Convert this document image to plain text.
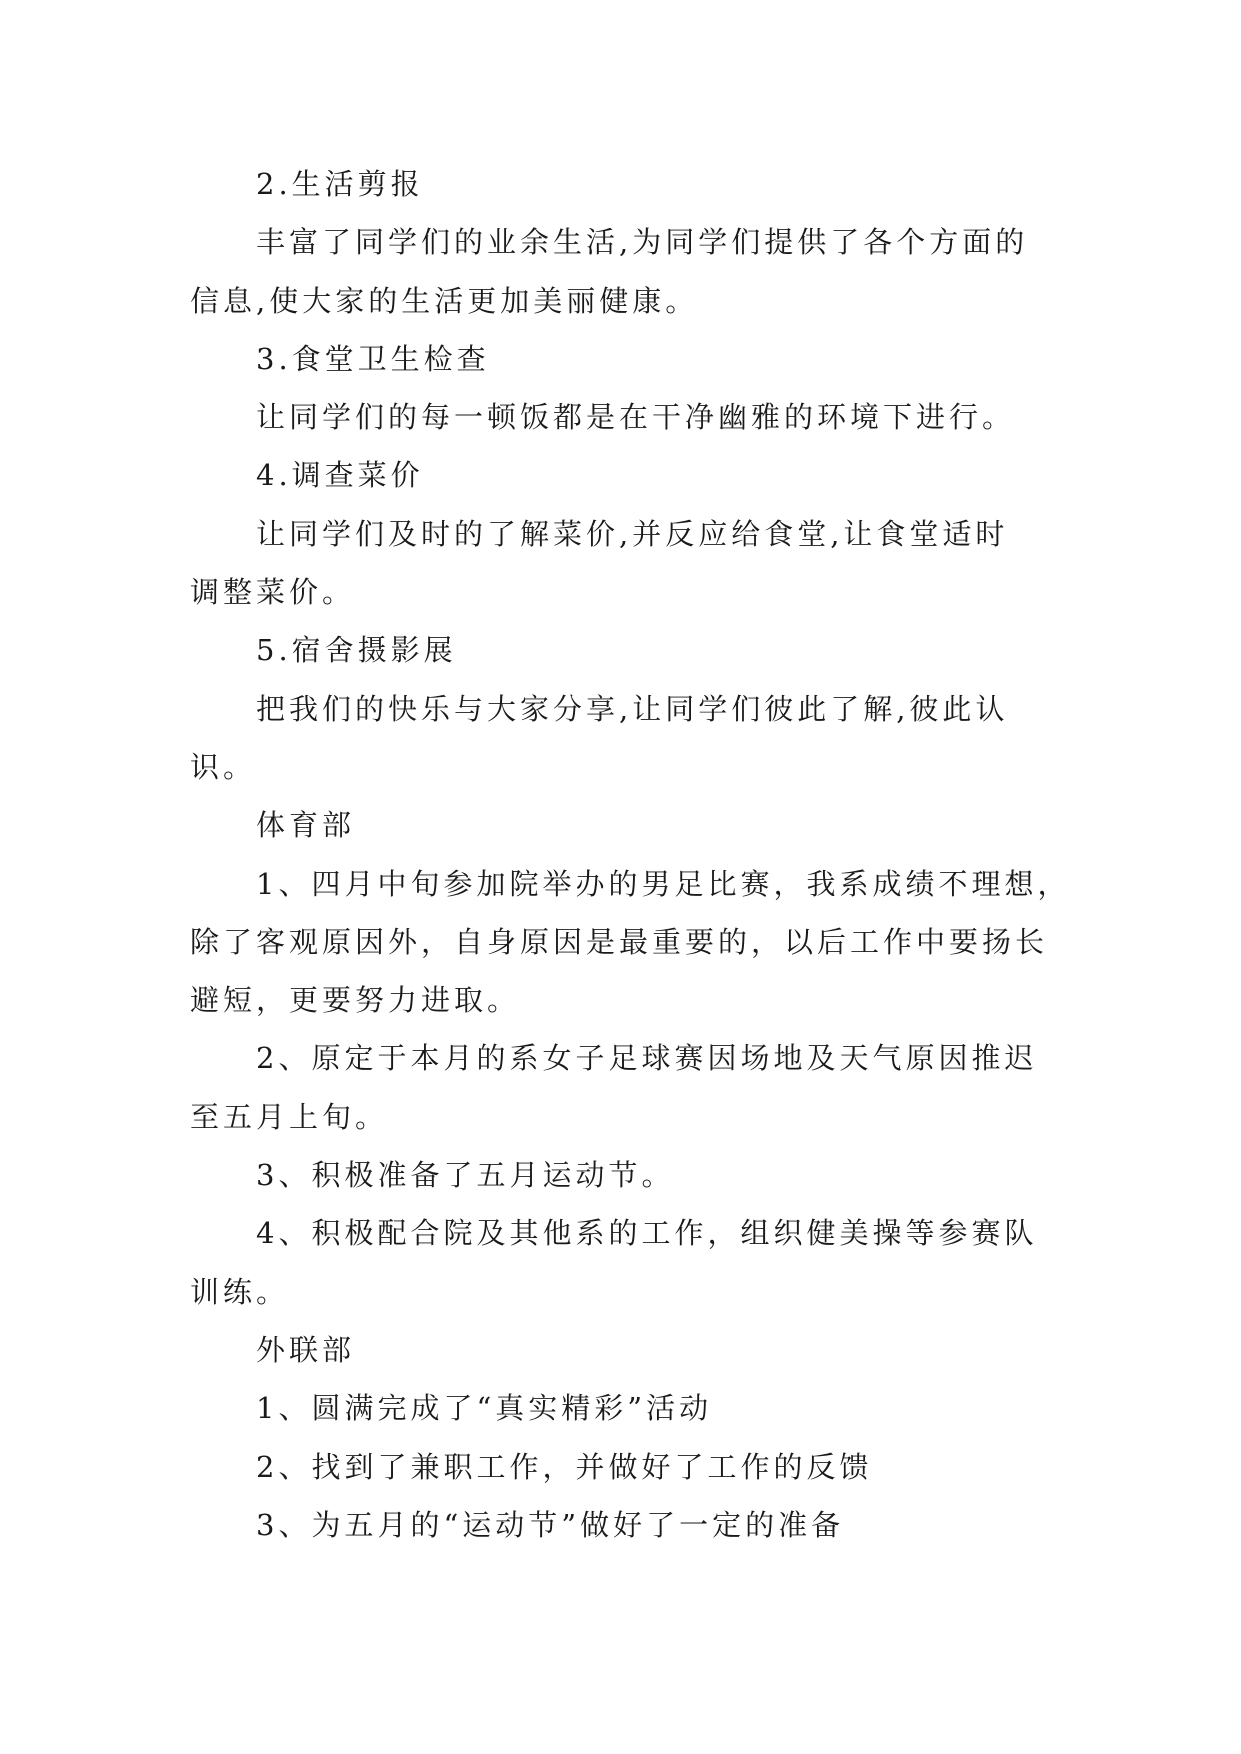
2.生活剪报
丰富了同学们的业余生活,为同学们提供了各个方面的
信息,使大家的生活更加美丽健康。
3.食堂卫生检查
让同学们的每一顿饭都是在干净幽雅的环境下进行。
4.调查菜价
让同学们及时的了解菜价,并反应给食堂,让食堂适时
调整菜价。
5.宿舍摄影展
把我们的快乐与大家分享,让同学们彼此了解,彼此认
识。
体育部
1、四月中旬参加院举办的男足比赛，我系成绩不理想，
除了客观原因外，自身原因是最重要的，以后工作中要扬长
避短，更要努力进取。
2、原定于本月的系女子足球赛因场地及天气原因推迟
至五月上旬。
3、积极准备了五月运动节。
4、积极配合院及其他系的工作，组织健美操等参赛队
训练。
外联部
1、圆满完成了“真实精彩”活动
2、找到了兼职工作，并做好了工作的反馈
3、为五月的“运动节”做好了一定的准备
